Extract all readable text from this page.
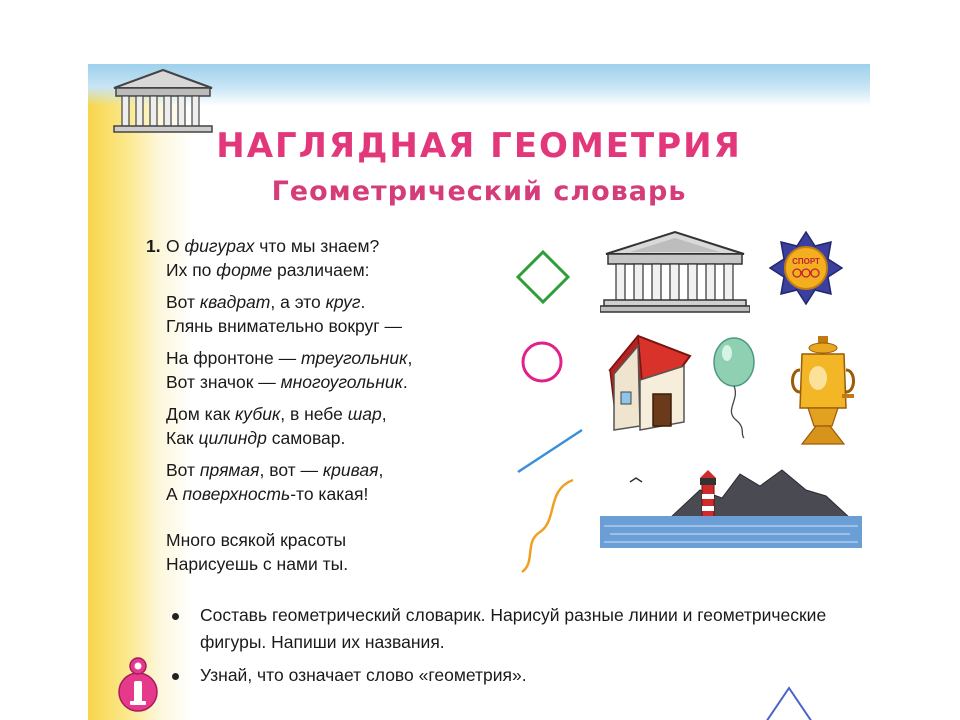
НАГЛЯДНАЯ ГЕОМЕТРИЯ
Геометрический словарь
1. О фигурах что мы знаем?
Их по форме различаем:
Вот квадрат, а это круг.
Глянь внимательно вокруг —
На фронтоне — треугольник,
Вот значок — многоугольник.
Дом как кубик, в небе шар,
Как цилиндр самовар.
Вот прямая, вот — кривая,
А поверхность-то какая!
Много всякой красоты
Нарисуешь с нами ты.
СПОРТ
Составь геометрический словарик. Нарисуй разные линии и геометрические фигуры. Напиши их названия.
Узнай, что означает слово «геометрия».
